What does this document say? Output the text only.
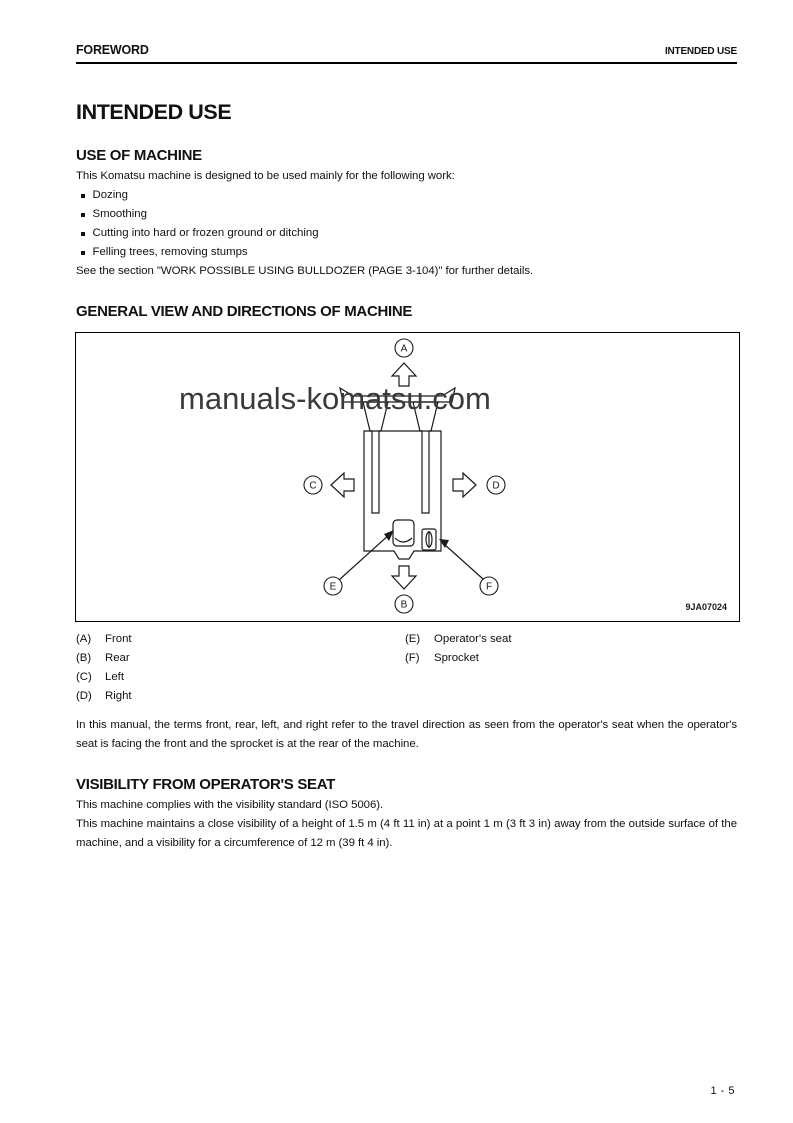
FOREWORD	INTENDED USE
INTENDED USE
USE OF MACHINE

This Komatsu machine is designed to be used mainly for the following work:

Dozing
Smoothing
Cutting into hard or frozen ground or ditching
Felling trees, removing stumps

See the section "WORK POSSIBLE USING BULLDOZER (PAGE 3-104)" for further details.

GENERAL VIEW AND DIRECTIONS OF MACHINE
A
B
C	D
E	F
manuals-komatsu.com
9JA07024
(A)	Front
(B)	Rear
(C)	Left
(D)	Right
(E)	Operator's seat
(F)	Sprocket

In this manual, the terms front, rear, left, and right refer to the travel direction as seen from the operator's seat when the operator's seat is facing the front and the sprocket is at the rear of the machine.

VISIBILITY FROM OPERATOR'S SEAT

This machine complies with the visibility standard (ISO 5006).

This machine maintains a close visibility of a height of 1.5 m (4 ft 11 in) at a point 1 m (3 ft 3 in) away from the outside surface of the machine, and a visibility for a circumference of 12 m (39 ft 4 in).

1 - 5
